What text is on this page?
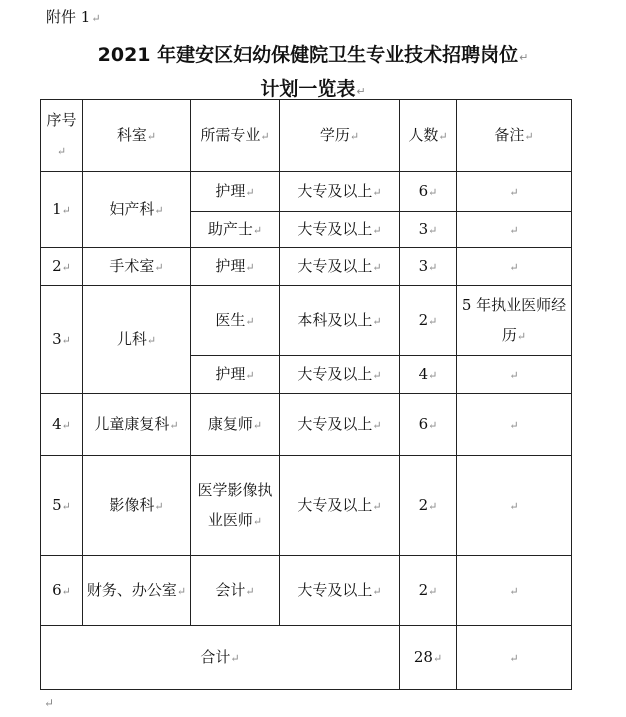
附件 1↵
2021 年建安区妇幼保健院卫生专业技术招聘岗位↵
计划一览表↵
序号↵	科室↵	所需专业↵	学历↵	人数↵	备注↵
1↵	妇产科↵	护理↵	大专及以上↵	6↵	↵
		助产士↵	大专及以上↵	3↵	↵
2↵	手术室↵	护理↵	大专及以上↵	3↵	↵
3↵	儿科↵	医生↵	本科及以上↵	2↵	5 年执业医师经历↵
		护理↵	大专及以上↵	4↵	↵
4↵	儿童康复科↵	康复师↵	大专及以上↵	6↵	↵
5↵	影像科↵	医学影像执业医师↵	大专及以上↵	2↵	↵
6↵	财务、办公室↵	会计↵	大专及以上↵	2↵	↵
合计↵				28↵	↵
↵
